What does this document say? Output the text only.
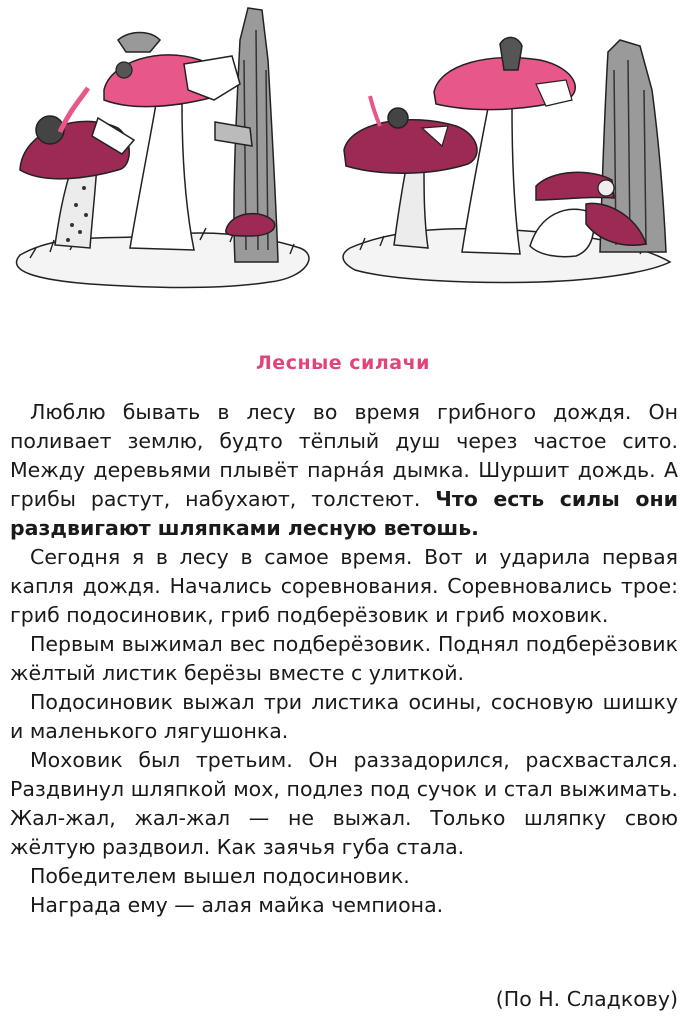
Лесные силачи

Люблю бывать в лесу во время грибного дождя. Он поливает землю, будто тёплый душ через частое сито. Между деревьями плывёт парна́я дымка. Шуршит дождь. А грибы растут, набухают, толстеют. Что есть силы они раздвигают шляпками лесную ветошь.

Сегодня я в лесу в самое время. Вот и ударила первая капля дождя. Начались соревнования. Соревновались трое: гриб подосиновик, гриб подберёзовик и гриб моховик.

Первым выжимал вес подберёзовик. Поднял подберёзовик жёлтый листик берёзы вместе с улиткой.

Подосиновик выжал три листика осины, сосновую шишку и маленького лягушонка.

Моховик был третьим. Он раззадорился, расхвастался. Раздвинул шляпкой мох, подлез под сучок и стал выжимать. Жал-жал, жал-жал — не выжал. Только шляпку свою жёлтую раздвоил. Как заячья губа стала.

Победителем вышел подосиновик.

Награда ему — алая майка чемпиона.

(По Н. Сладкову)
